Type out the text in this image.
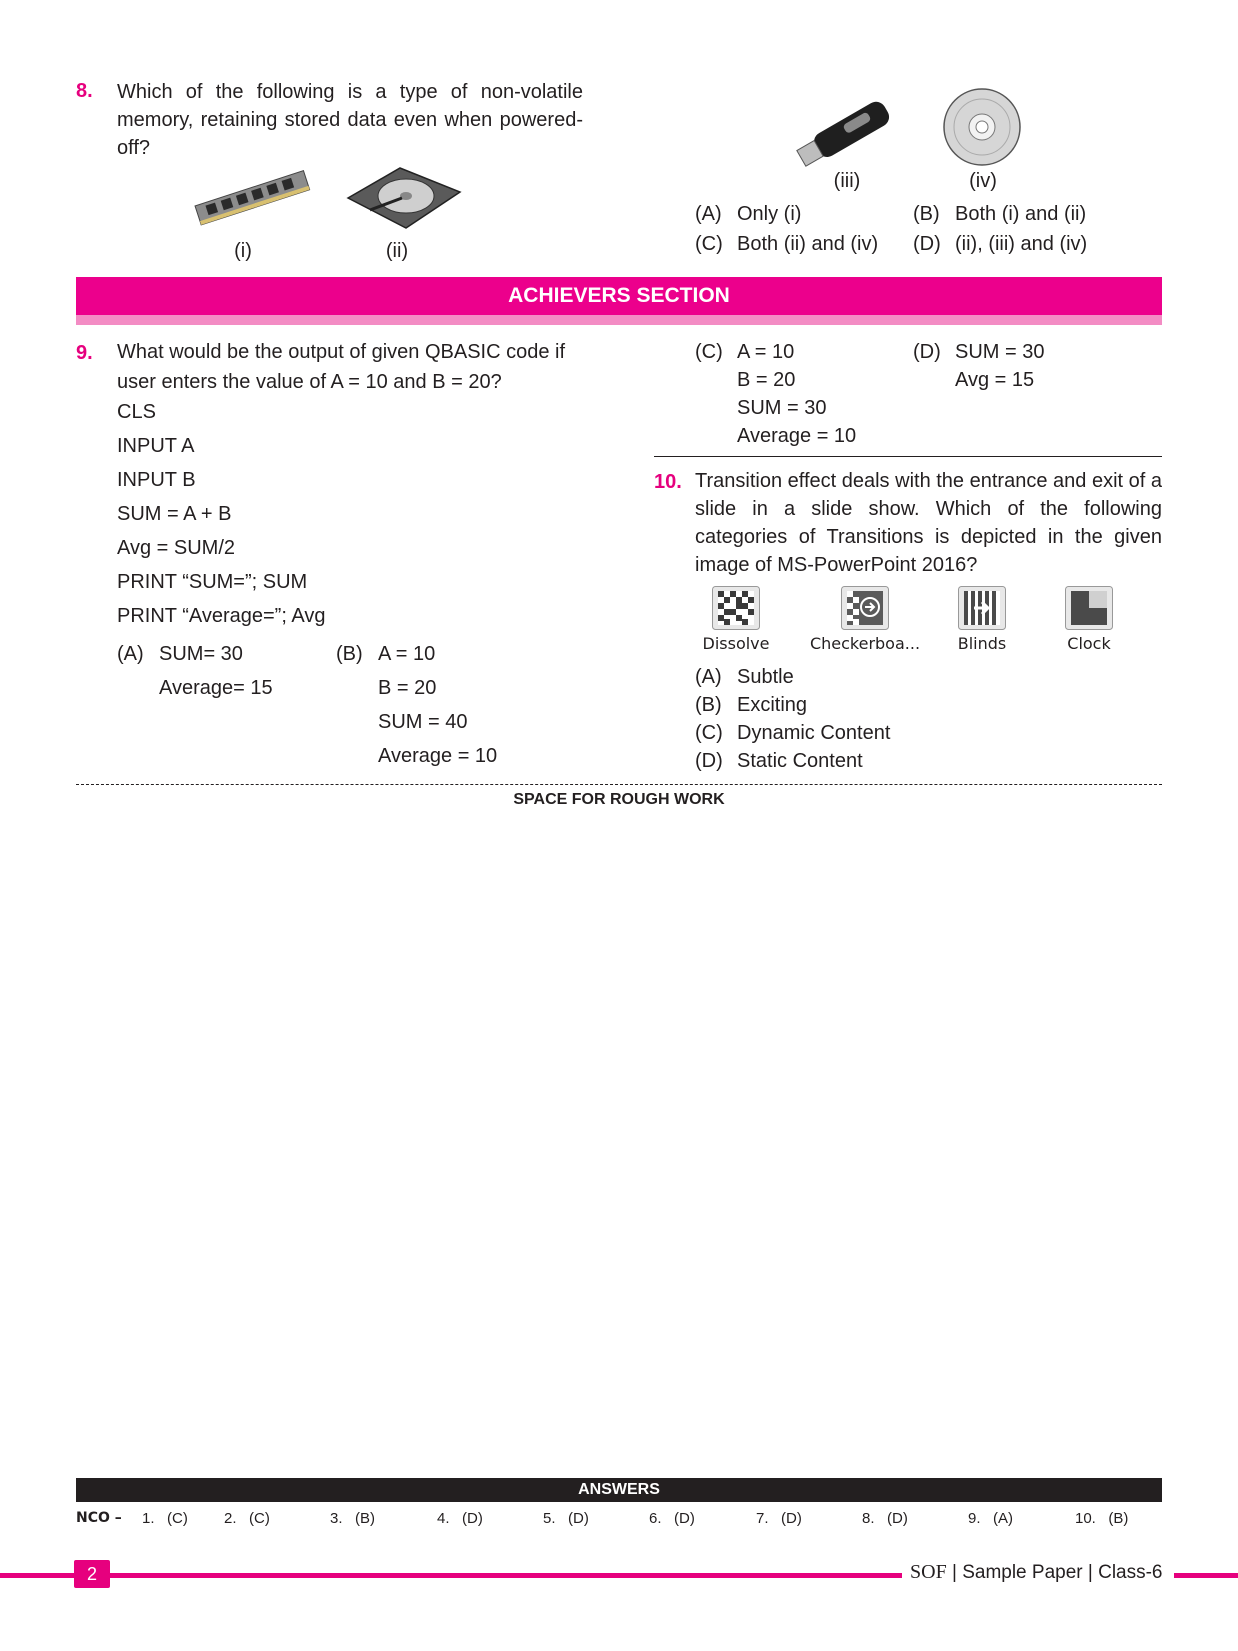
8. Which of the following is a type of non-volatile memory, retaining stored data even when powered-off?
(i)	(ii)
(iii)	(iv)
(A) Only (i)	(B) Both (i) and (ii)
(C) Both (ii) and (iv) (D) (ii), (iii) and (iv)
ACHIEVERS SECTION
9. What would be the output of given QBASIC code if
user enters the value of A = 10 and B = 20?
CLS
INPUT A
INPUT B
SUM = A + B
Avg = SUM/2
PRINT “SUM=”; SUM
PRINT “Average=”; Avg
(A) SUM= 30
Average= 15
(B) A = 10
B = 20
SUM = 40
Average = 10
(C) A = 10
B = 20
SUM = 30
Average = 10
(D) SUM = 30
Avg = 15
10. Transition effect deals with the entrance and exit of a slide in a slide show. Which of the following categories of Transitions is depicted in the given image of MS-PowerPoint 2016?
Dissolve	Checkerboa...	Blinds	Clock
(A) Subtle
(B) Exciting
(C) Dynamic Content
(D) Static Content
SPACE FOR ROUGH WORK
ANSWERS
NCO – 1. (C) 2. (C)	3. (B)	4. (D)	5. (D)	6. (D)	7. (D)	8. (D)	9. (A)	10. (B)
2	SOF | Sample Paper | Class-6
